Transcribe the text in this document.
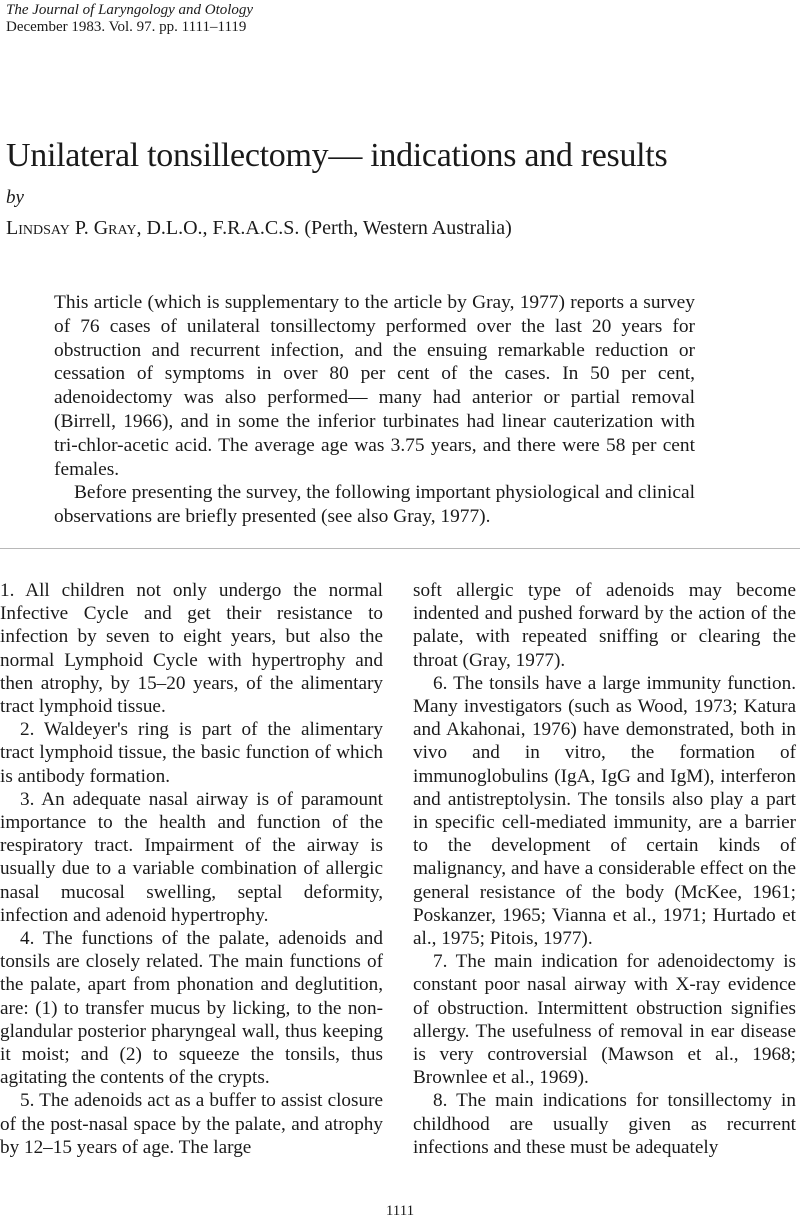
The Journal of Laryngology and Otology
December 1983. Vol. 97. pp. 1111–1119
Unilateral tonsillectomy— indications and results
by
Lindsay P. Gray, D.L.O., F.R.A.C.S. (Perth, Western Australia)

This article (which is supplementary to the article by Gray, 1977) reports a survey of 76 cases of unilateral tonsillectomy performed over the last 20 years for obstruction and recurrent infection, and the ensuing remarkable reduction or cessation of symptoms in over 80 per cent of the cases. In 50 per cent, adenoidectomy was also performed— many had anterior or partial removal (Birrell, 1966), and in some the inferior turbinates had linear cauterization with tri-chlor-acetic acid. The average age was 3.75 years, and there were 58 per cent females.

Before presenting the survey, the following important physiological and clinical observations are briefly presented (see also Gray, 1977).

1. All children not only undergo the normal Infective Cycle and get their resistance to infection by seven to eight years, but also the normal Lymphoid Cycle with hypertrophy and then atrophy, by 15–20 years, of the alimentary tract lymphoid tissue.

2. Waldeyer's ring is part of the alimentary tract lymphoid tissue, the basic function of which is antibody formation.

3. An adequate nasal airway is of paramount importance to the health and function of the respiratory tract. Impairment of the airway is usually due to a variable combination of allergic nasal mucosal swelling, septal deformity, infection and adenoid hypertrophy.

4. The functions of the palate, adenoids and tonsils are closely related. The main functions of the palate, apart from phonation and deglutition, are: (1) to transfer mucus by licking, to the non-glandular posterior pharyngeal wall, thus keeping it moist; and (2) to squeeze the tonsils, thus agitating the contents of the crypts.

5. The adenoids act as a buffer to assist closure of the post-nasal space by the palate, and atrophy by 12–15 years of age. The large

soft allergic type of adenoids may become indented and pushed forward by the action of the palate, with repeated sniffing or clearing the throat (Gray, 1977).

6. The tonsils have a large immunity function. Many investigators (such as Wood, 1973; Katura and Akahonai, 1976) have demonstrated, both in vivo and in vitro, the formation of immunoglobulins (IgA, IgG and IgM), interferon and antistreptolysin. The tonsils also play a part in specific cell-mediated immunity, are a barrier to the development of certain kinds of malignancy, and have a considerable effect on the general resistance of the body (McKee, 1961; Poskanzer, 1965; Vianna et al., 1971; Hurtado et al., 1975; Pitois, 1977).

7. The main indication for adenoidectomy is constant poor nasal airway with X-ray evidence of obstruction. Intermittent obstruction signifies allergy. The usefulness of removal in ear disease is very controversial (Mawson et al., 1968; Brownlee et al., 1969).

8. The main indications for tonsillectomy in childhood are usually given as recurrent infections and these must be adequately

1111
